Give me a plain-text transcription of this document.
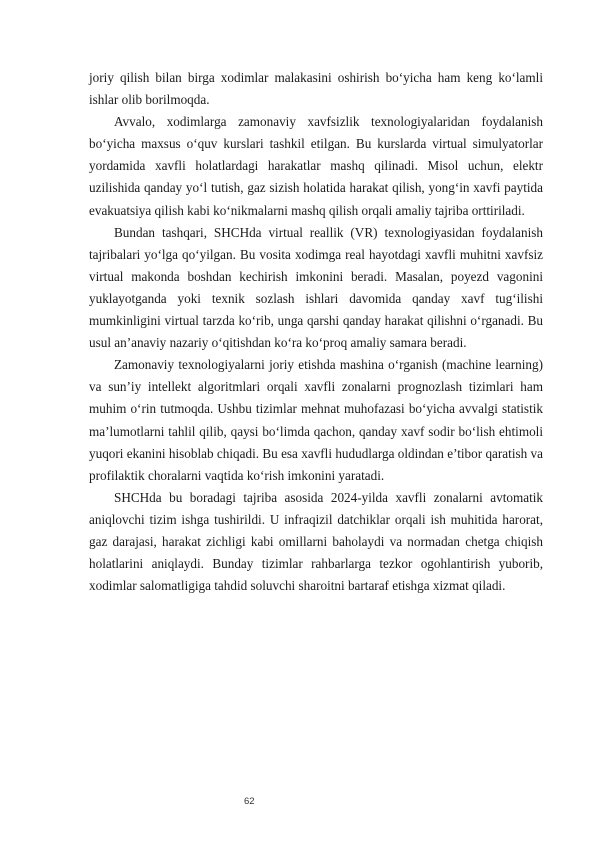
joriy qilish bilan birga xodimlar malakasini oshirish bo‘yicha ham keng ko‘lamli ishlar olib borilmoqda.

Avvalo, xodimlarga zamonaviy xavfsizlik texnologiyalaridan foydalanish bo‘yicha maxsus o‘quv kurslari tashkil etilgan. Bu kurslarda virtual simulyatorlar yordamida xavfli holatlardagi harakatlar mashq qilinadi. Misol uchun, elektr uzilishida qanday yo‘l tutish, gaz sizish holatida harakat qilish, yong‘in xavfi paytida evakuatsiya qilish kabi ko‘nikmalarni mashq qilish orqali amaliy tajriba orttiriladi.

Bundan tashqari, SHCHda virtual reallik (VR) texnologiyasidan foydalanish tajribalari yo‘lga qo‘yilgan. Bu vosita xodimga real hayotdagi xavfli muhitni xavfsiz virtual makonda boshdan kechirish imkonini beradi. Masalan, poyezd vagonini yuklayotganda yoki texnik sozlash ishlari davomida qanday xavf tug‘ilishi mumkinligini virtual tarzda ko‘rib, unga qarshi qanday harakat qilishni o‘rganadi. Bu usul an’anaviy nazariy o‘qitishdan ko‘ra ko‘proq amaliy samara beradi.

Zamonaviy texnologiyalarni joriy etishda mashina o‘rganish (machine learning) va sun’iy intellekt algoritmlari orqali xavfli zonalarni prognozlash tizimlari ham muhim o‘rin tutmoqda. Ushbu tizimlar mehnat muhofazasi bo‘yicha avvalgi statistik ma’lumotlarni tahlil qilib, qaysi bo‘limda qachon, qanday xavf sodir bo‘lish ehtimoli yuqori ekanini hisoblab chiqadi. Bu esa xavfli hududlarga oldindan e’tibor qaratish va profilaktik choralarni vaqtida ko‘rish imkonini yaratadi.

SHCHda bu boradagi tajriba asosida 2024-yilda xavfli zonalarni avtomatik aniqlovchi tizim ishga tushirildi. U infraqizil datchiklar orqali ish muhitida harorat, gaz darajasi, harakat zichligi kabi omillarni baholaydi va normadan chetga chiqish holatlarini aniqlaydi. Bunday tizimlar rahbarlarga tezkor ogohlantirish yuborib, xodimlar salomatligiga tahdid soluvchi sharoitni bartaraf etishga xizmat qiladi.

62
